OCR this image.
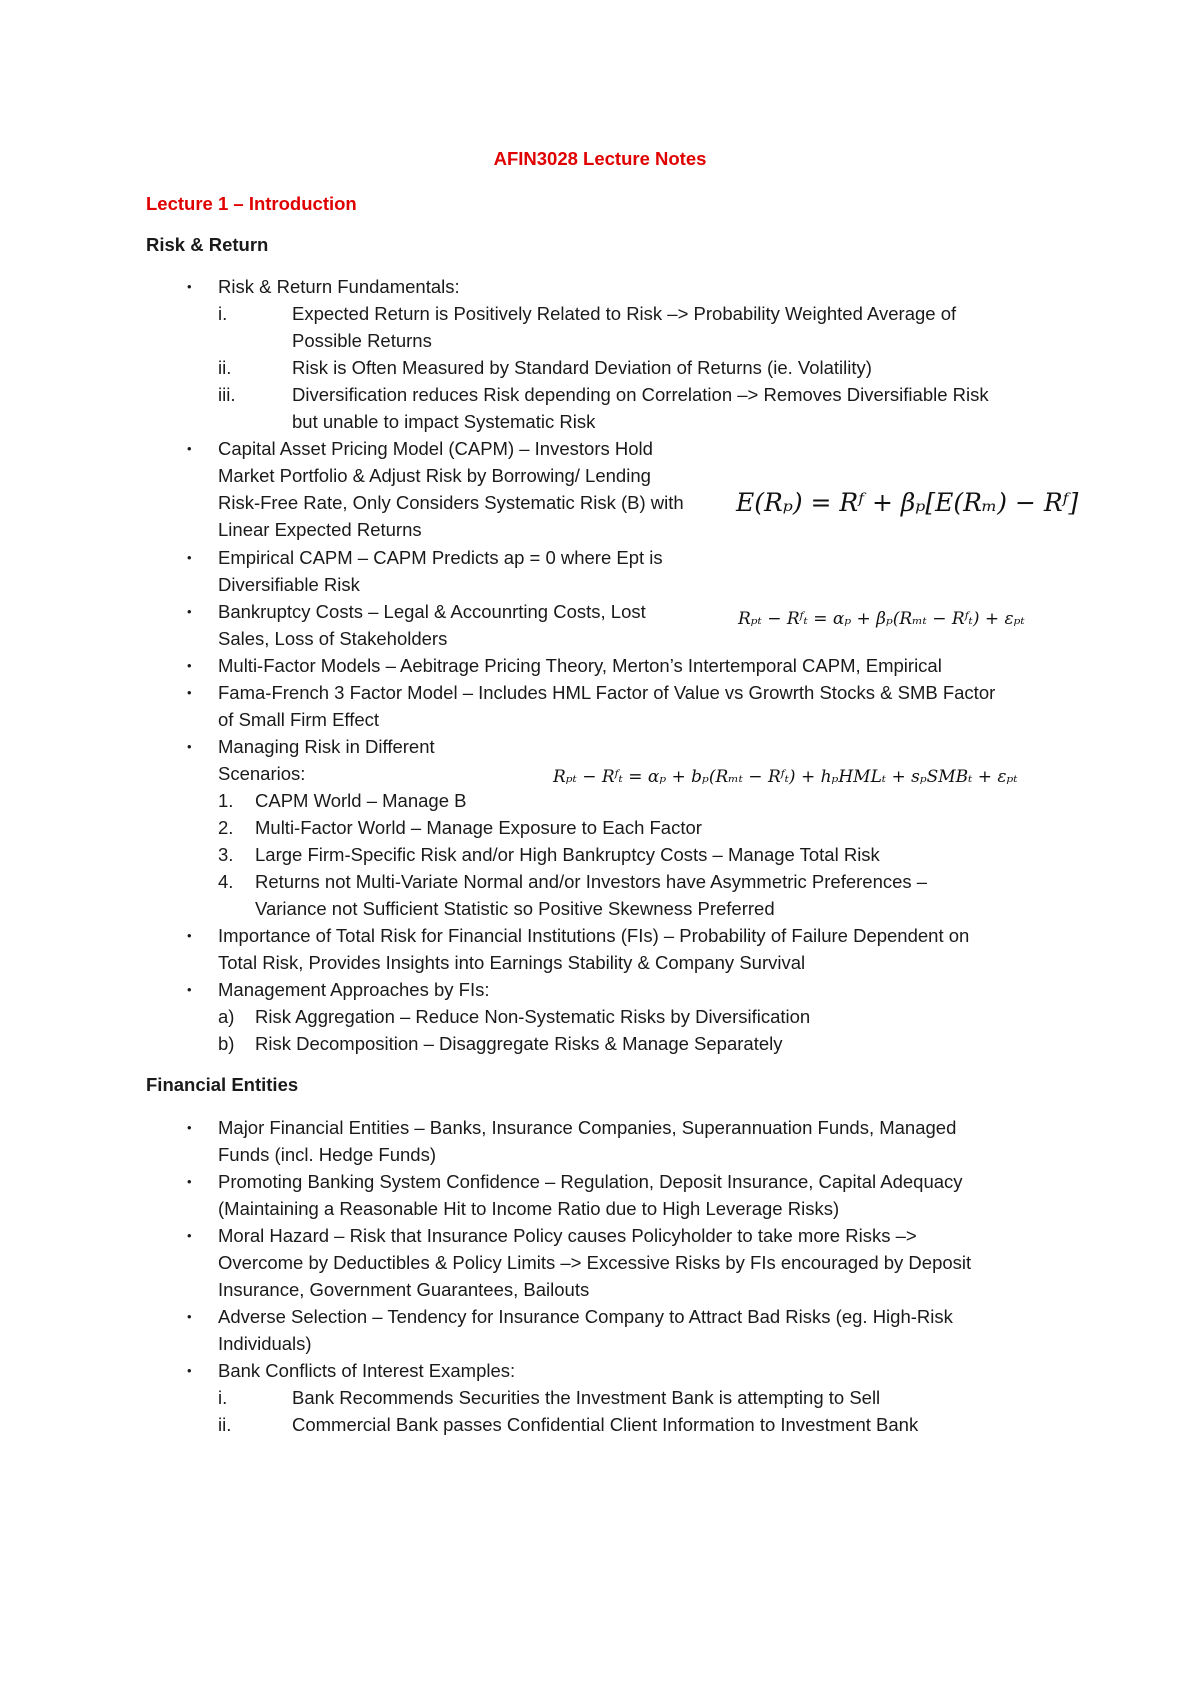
AFIN3028 Lecture Notes
Lecture 1 – Introduction
Risk & Return
• Risk & Return Fundamentals:
i.	Expected Return is Positively Related to Risk –> Probability Weighted Average of
Possible Returns
ii.	Risk is Often Measured by Standard Deviation of Returns (ie. Volatility)
iii.	Diversification reduces Risk depending on Correlation –> Removes Diversifiable Risk
but unable to impact Systematic Risk
• Capital Asset Pricing Model (CAPM) – Investors Hold
Market Portfolio & Adjust Risk by Borrowing/ Lending
Risk-Free Rate, Only Considers Systematic Risk (B) with
Linear Expected Returns
E(Rₚ) = Rᶠ + βₚ[E(Rₘ) − Rᶠ]
• Empirical CAPM – CAPM Predicts ap = 0 where Ept is
Diversifiable Risk
Rₚₜ − Rᶠₜ = αₚ + βₚ(Rₘₜ − Rᶠₜ) + εₚₜ
• Bankruptcy Costs – Legal & Accounrting Costs, Lost
Sales, Loss of Stakeholders
• Multi-Factor Models – Aebitrage Pricing Theory, Merton’s Intertemporal CAPM, Empirical
• Fama-French 3 Factor Model – Includes HML Factor of Value vs Growrth Stocks & SMB Factor
of Small Firm Effect
Rₚₜ − Rᶠₜ = αₚ + bₚ(Rₘₜ − Rᶠₜ) + hₚHMLₜ + sₚSMBₜ + εₚₜ
• Managing Risk in Different
Scenarios:
1. CAPM World – Manage B
2. Multi-Factor World – Manage Exposure to Each Factor
3. Large Firm-Specific Risk and/or High Bankruptcy Costs – Manage Total Risk
4. Returns not Multi-Variate Normal and/or Investors have Asymmetric Preferences –
Variance not Sufficient Statistic so Positive Skewness Preferred
• Importance of Total Risk for Financial Institutions (FIs) – Probability of Failure Dependent on
Total Risk, Provides Insights into Earnings Stability & Company Survival
• Management Approaches by FIs:
a) Risk Aggregation – Reduce Non-Systematic Risks by Diversification
b) Risk Decomposition – Disaggregate Risks & Manage Separately
Financial Entities
• Major Financial Entities – Banks, Insurance Companies, Superannuation Funds, Managed
Funds (incl. Hedge Funds)
• Promoting Banking System Confidence – Regulation, Deposit Insurance, Capital Adequacy
(Maintaining a Reasonable Hit to Income Ratio due to High Leverage Risks)
• Moral Hazard – Risk that Insurance Policy causes Policyholder to take more Risks –>
Overcome by Deductibles & Policy Limits –> Excessive Risks by FIs encouraged by Deposit
Insurance, Government Guarantees, Bailouts
• Adverse Selection – Tendency for Insurance Company to Attract Bad Risks (eg. High-Risk
Individuals)
• Bank Conflicts of Interest Examples:
i.	Bank Recommends Securities the Investment Bank is attempting to Sell
ii.	Commercial Bank passes Confidential Client Information to Investment Bank
